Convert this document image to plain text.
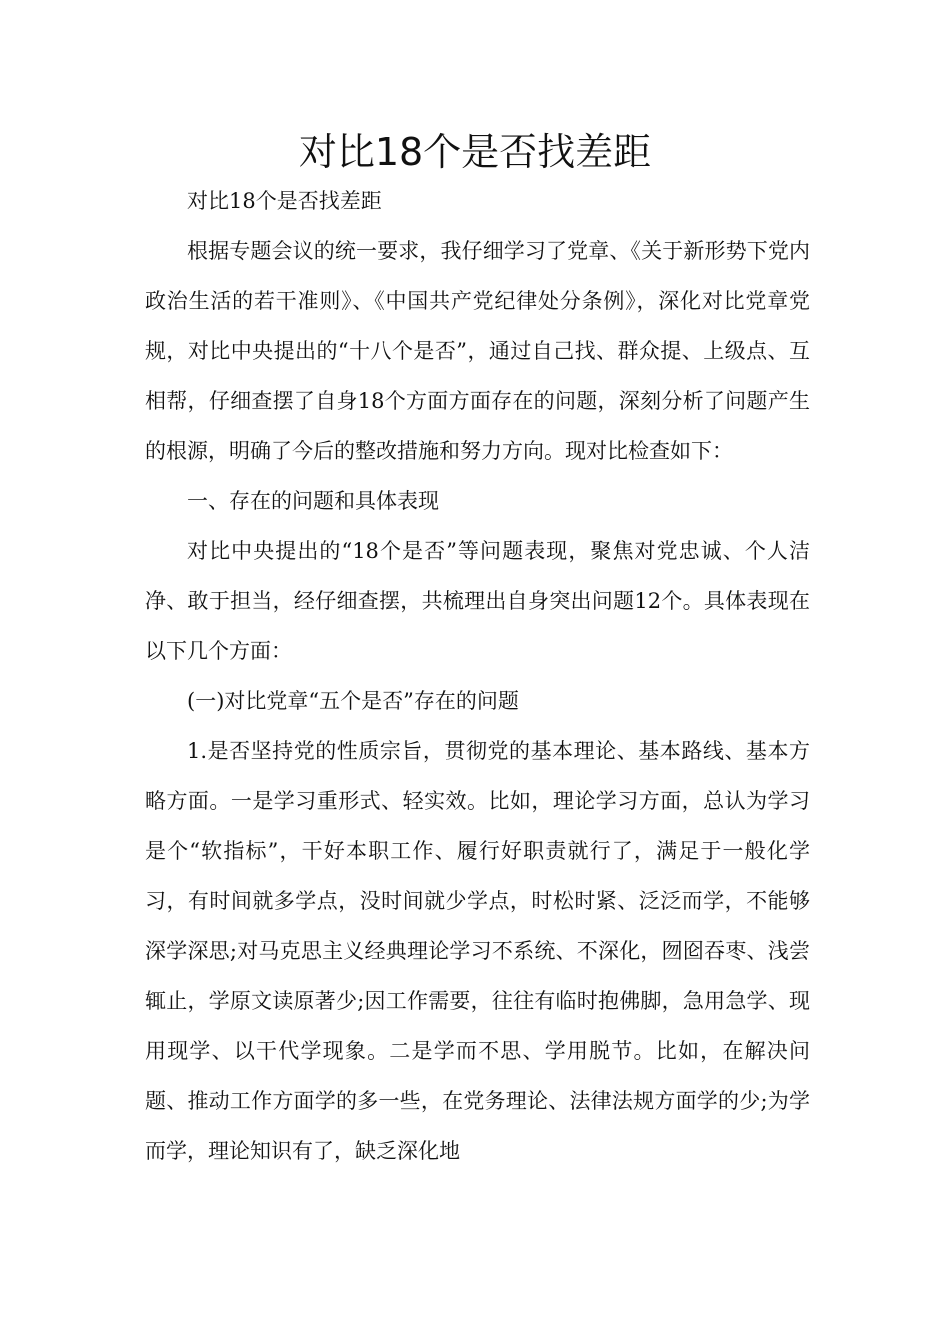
对比18个是否找差距

对比18个是否找差距

根据专题会议的统一要求，我仔细学习了党章、《关于新形势下党内政治生活的若干准则》、《中国共产党纪律处分条例》，深化对比党章党规，对比中央提出的“十八个是否”，通过自己找、群众提、上级点、互相帮，仔细查摆了自身18个方面方面存在的问题，深刻分析了问题产生的根源，明确了今后的整改措施和努力方向。现对比检查如下：

一、存在的问题和具体表现

对比中央提出的“18个是否”等问题表现，聚焦对党忠诚、个人洁净、敢于担当，经仔细查摆，共梳理出自身突出问题12个。具体表现在以下几个方面：

(一)对比党章“五个是否”存在的问题

1.是否坚持党的性质宗旨，贯彻党的基本理论、基本路线、基本方略方面。一是学习重形式、轻实效。比如，理论学习方面，总认为学习是个“软指标”，干好本职工作、履行好职责就行了，满足于一般化学习，有时间就多学点，没时间就少学点，时松时紧、泛泛而学，不能够深学深思;对马克思主义经典理论学习不系统、不深化，囫囵吞枣、浅尝辄止，学原文读原著少;因工作需要，往往有临时抱佛脚，急用急学、现用现学、以干代学现象。二是学而不思、学用脱节。比如，在解决问题、推动工作方面学的多一些，在党务理论、法律法规方面学的少;为学而学，理论知识有了，缺乏深化地
